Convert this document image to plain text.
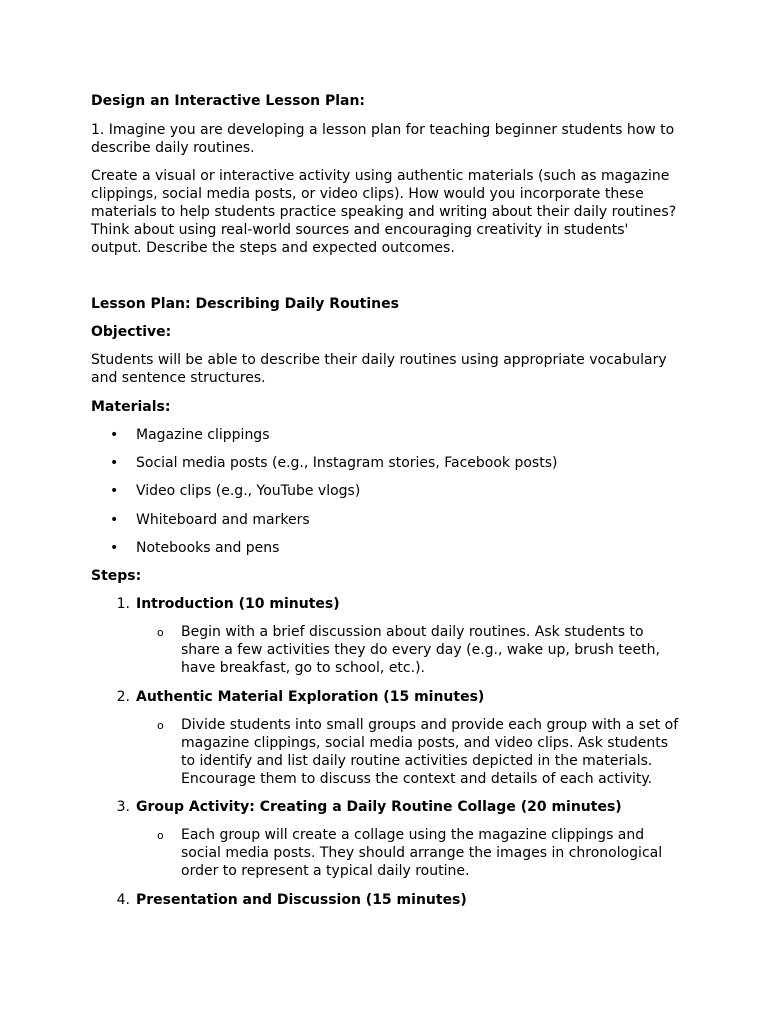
Design an Interactive Lesson Plan:

1. Imagine you are developing a lesson plan for teaching beginner students how to describe daily routines.

Create a visual or interactive activity using authentic materials (such as magazine clippings, social media posts, or video clips). How would you incorporate these materials to help students practice speaking and writing about their daily routines? Think about using real-world sources and encouraging creativity in students' output. Describe the steps and expected outcomes.

Lesson Plan: Describing Daily Routines

Objective:

Students will be able to describe their daily routines using appropriate vocabulary and sentence structures.

Materials:

• Magazine clippings
• Social media posts (e.g., Instagram stories, Facebook posts)
• Video clips (e.g., YouTube vlogs)
• Whiteboard and markers
• Notebooks and pens

Steps:

1. Introduction (10 minutes)
o Begin with a brief discussion about daily routines. Ask students to share a few activities they do every day (e.g., wake up, brush teeth, have breakfast, go to school, etc.).
2. Authentic Material Exploration (15 minutes)
o Divide students into small groups and provide each group with a set of magazine clippings, social media posts, and video clips. Ask students to identify and list daily routine activities depicted in the materials. Encourage them to discuss the context and details of each activity.
3. Group Activity: Creating a Daily Routine Collage (20 minutes)
o Each group will create a collage using the magazine clippings and social media posts. They should arrange the images in chronological order to represent a typical daily routine.
4. Presentation and Discussion (15 minutes)
